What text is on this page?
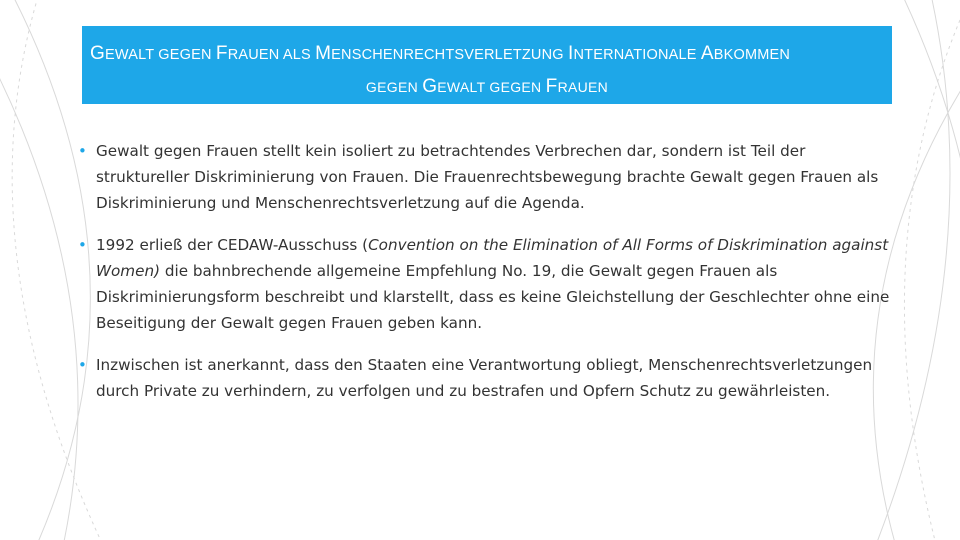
GEWALT GEGEN FRAUEN ALS MENSCHENRECHTSVERLETZUNG INTERNATIONALE ABKOMMEN
GEGEN GEWALT GEGEN FRAUEN
• Gewalt gegen Frauen stellt kein isoliert zu betrachtendes Verbrechen dar, sondern ist Teil der struktureller Diskriminierung von Frauen. Die Frauenrechtsbewegung brachte Gewalt gegen Frauen als Diskriminierung und Menschenrechtsverletzung auf die Agenda.
• 1992 erließ der CEDAW-Ausschuss (Convention on the Elimination of All Forms of Diskrimination against Women) die bahnbrechende allgemeine Empfehlung No. 19, die Gewalt gegen Frauen als Diskriminierungsform beschreibt und klarstellt, dass es keine Gleichstellung der Geschlechter ohne eine Beseitigung der Gewalt gegen Frauen geben kann.
• Inzwischen ist anerkannt, dass den Staaten eine Verantwortung obliegt, Menschenrechtsverletzungen durch Private zu verhindern, zu verfolgen und zu bestrafen und Opfern Schutz zu gewährleisten.
